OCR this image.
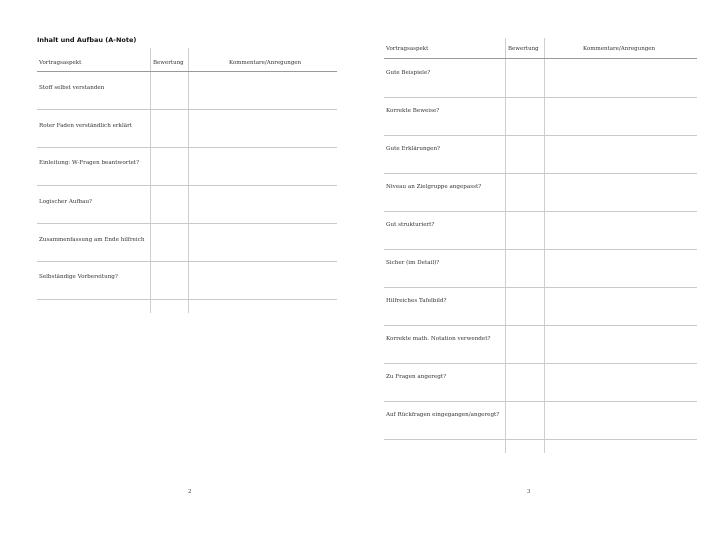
Inhalt und Aufbau (A-Note)
Vortragsaspekt	Bewertung	Kommentare/Anregungen
Stoff selbst verstanden
Roter Faden verständlich erklärt
Einleitung: W-Fragen beantwortet?
Logischer Aufbau?
Zusammenfassung am Ende hilfreich
Selbständige Vorbereitung?
2
Vortragsaspekt	Bewertung	Kommentare/Anregungen
Gute Beispiele?
Korrekte Beweise?
Gute Erklärungen?
Niveau an Zielgruppe angepasst?
Gut strukturiert?
Sicher (im Detail)?
Hilfreiches Tafelbild?
Korrekte math. Notation verwendet?
Zu Fragen angeregt?
Auf Rückfragen eingegangen/angeregt?
3
